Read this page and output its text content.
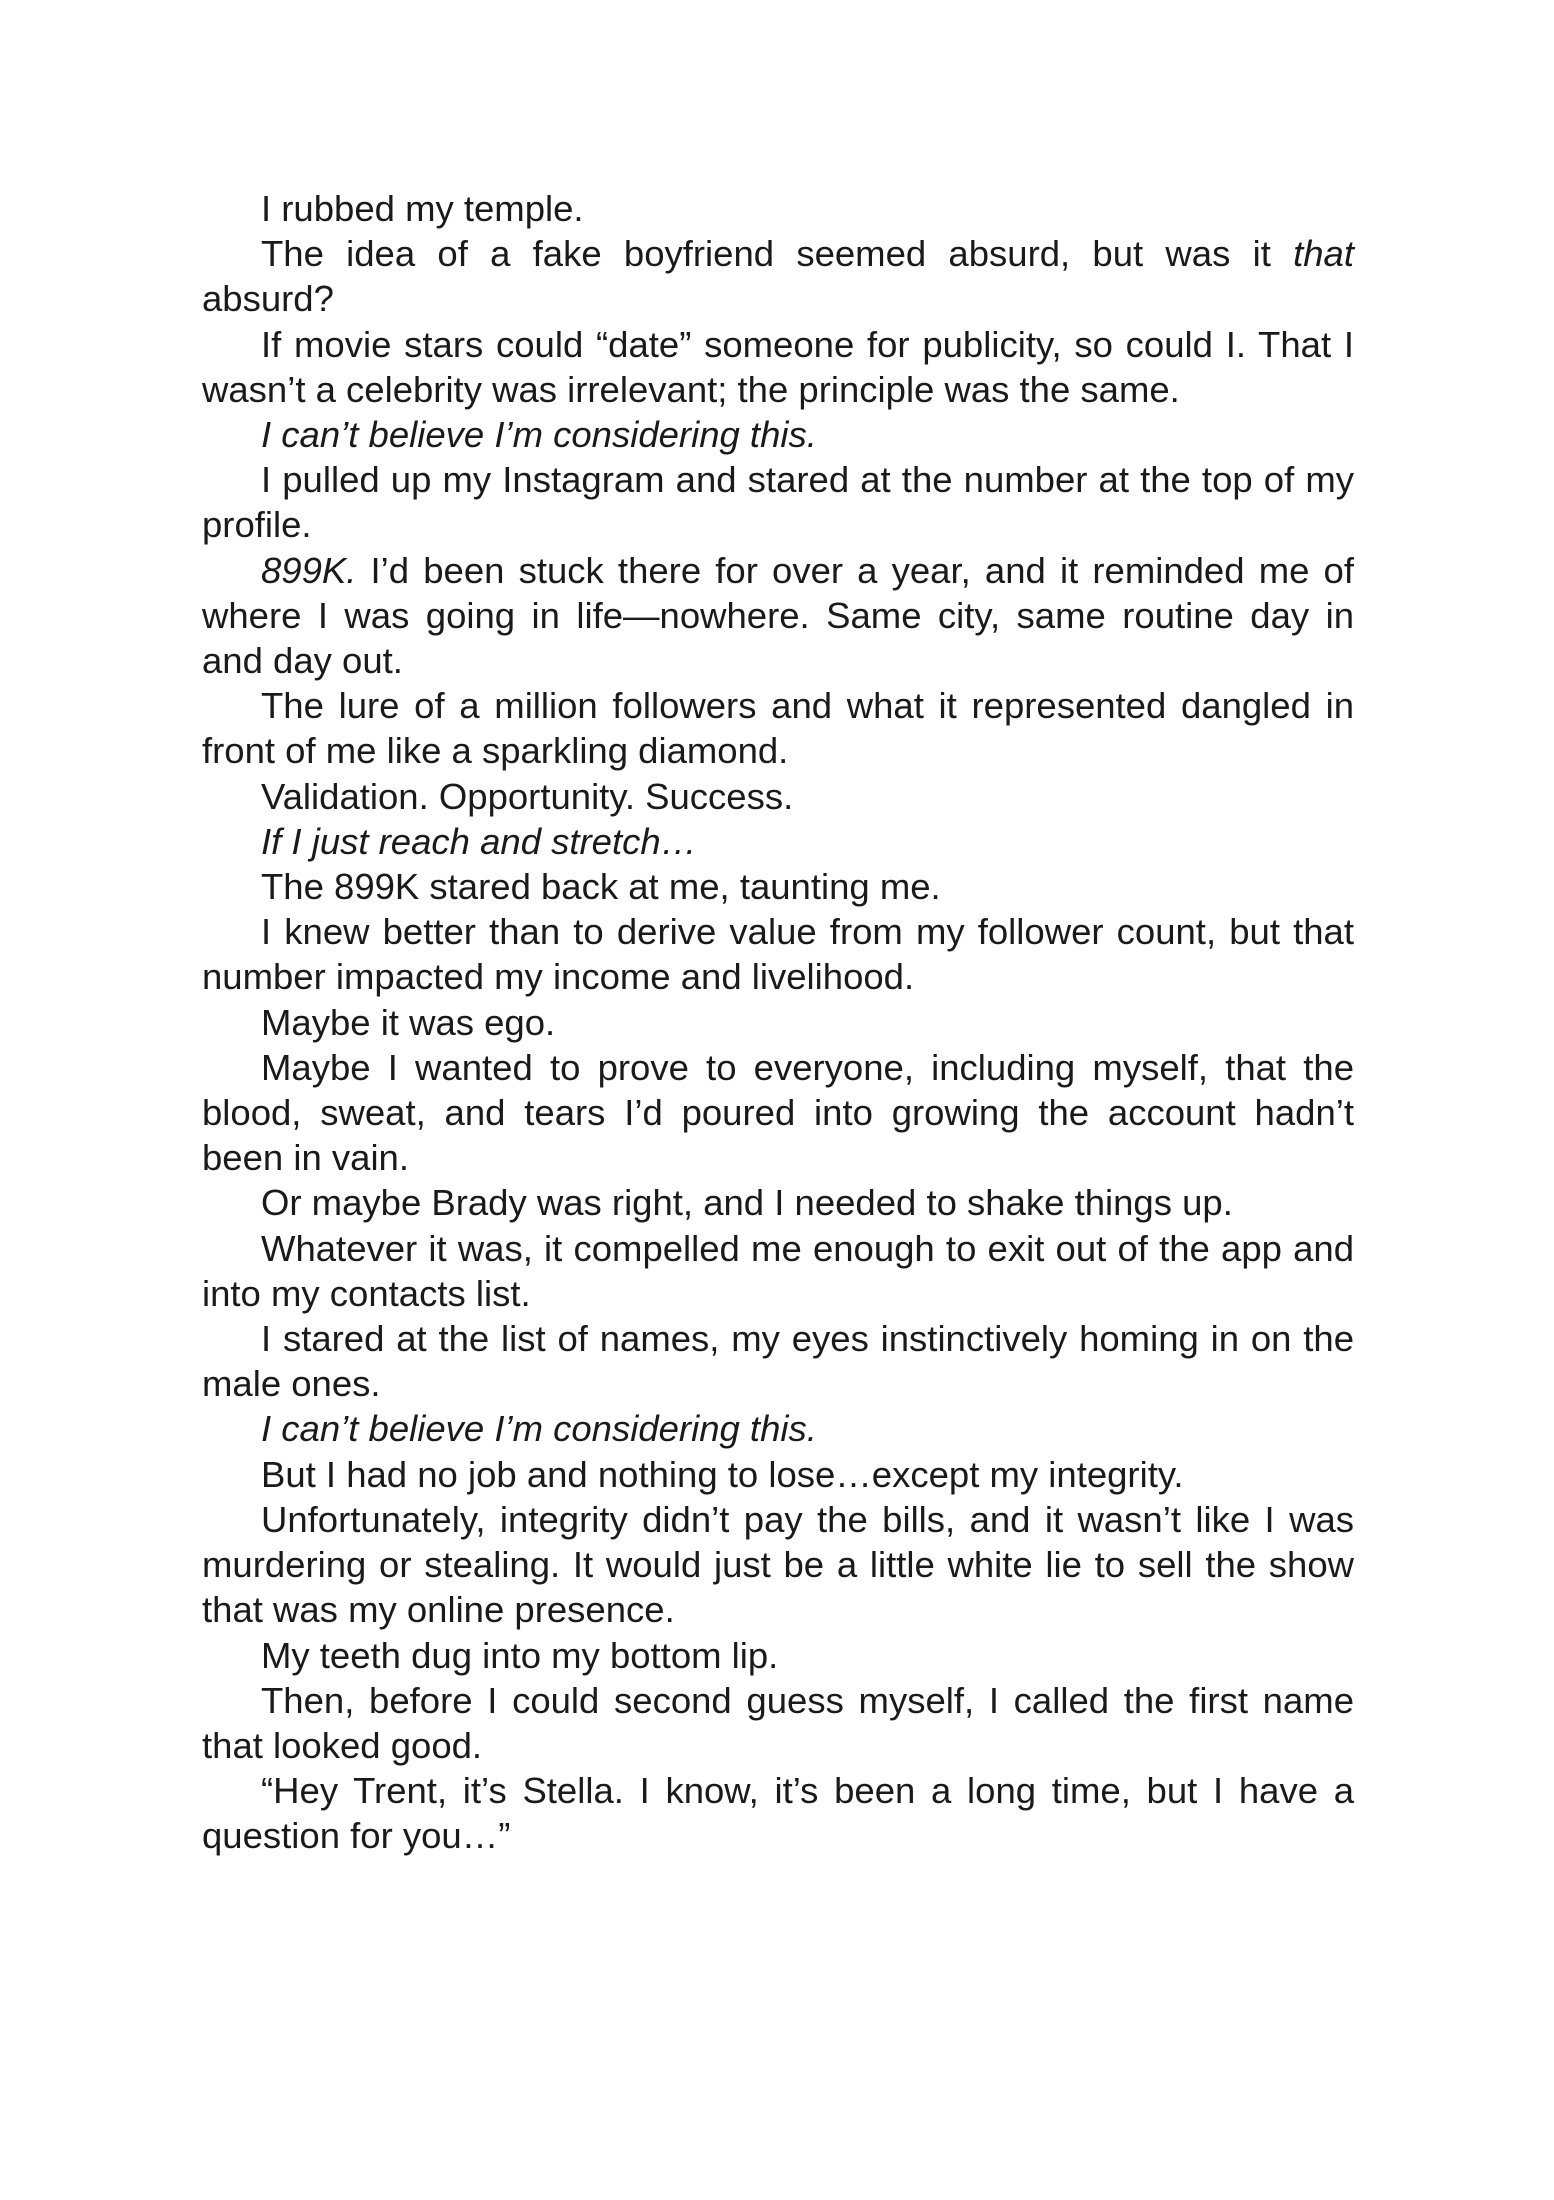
I rubbed my temple.

The idea of a fake boyfriend seemed absurd, but was it that absurd?

If movie stars could “date” someone for publicity, so could I. That I wasn’t a celebrity was irrelevant; the principle was the same.

I can’t believe I’m considering this.

I pulled up my Instagram and stared at the number at the top of my profile.

899K. I’d been stuck there for over a year, and it reminded me of where I was going in life—nowhere. Same city, same routine day in and day out.

The lure of a million followers and what it represented dangled in front of me like a sparkling diamond.

Validation. Opportunity. Success.

If I just reach and stretch…

The 899K stared back at me, taunting me.

I knew better than to derive value from my follower count, but that number impacted my income and livelihood.

Maybe it was ego.

Maybe I wanted to prove to everyone, including myself, that the blood, sweat, and tears I’d poured into growing the account hadn’t been in vain.

Or maybe Brady was right, and I needed to shake things up.

Whatever it was, it compelled me enough to exit out of the app and into my contacts list.

I stared at the list of names, my eyes instinctively homing in on the male ones.

I can’t believe I’m considering this.

But I had no job and nothing to lose…except my integrity.

Unfortunately, integrity didn’t pay the bills, and it wasn’t like I was murdering or stealing. It would just be a little white lie to sell the show that was my online presence.

My teeth dug into my bottom lip.

Then, before I could second guess myself, I called the first name that looked good.

“Hey Trent, it’s Stella. I know, it’s been a long time, but I have a question for you…”
